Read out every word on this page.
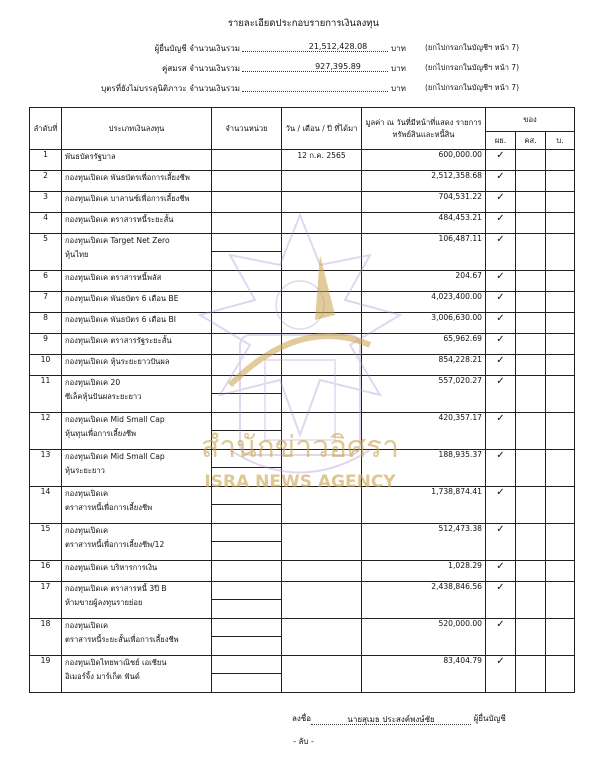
รายละเอียดประกอบรายการเงินลงทุน
ผู้ยื่นบัญชี จำนวนเงินรวม	21,512,428.08	บาท	(ยกไปกรอกในบัญชีฯ หน้า 7)
คู่สมรส จำนวนเงินรวม	927,395.89	บาท	(ยกไปกรอกในบัญชีฯ หน้า 7)
บุตรที่ยังไม่บรรลุนิติภาวะ จำนวนเงินรวม	บาท	(ยกไปกรอกในบัญชีฯ หน้า 7)
ลำดับที่	ประเภทเงินลงทุน	จำนวนหน่วย	วัน / เดือน / ปี ที่ได้มา	มูลค่า ณ วันที่มีหน้าที่แสดง รายการทรัพย์สินและหนี้สิน	ของ		
					ผย.	คส.	บ.
1	พันธบัตรรัฐบาล		12 ก.ค. 2565	600,000.00	✓		
2	กองทุนเปิดเค พันธบัตรเพื่อการเลี้ยงชีพ			2,512,358.68	✓		
3	กองทุนเปิดเค บาลานซ์เพื่อการเลี้ยงชีพ			704,531.22	✓		
4	กองทุนเปิดเค ตราสารหนี้ระยะสั้น			484,453.21	✓		
5	กองทุนเปิดเค Target Net Zero
หุ้นไทย			106,487.11	✓		
6	กองทุนเปิดเค ตราสารหนี้พลัส			204.67	✓		
7	กองทุนเปิดเค พันธบัตร 6 เดือน BE			4,023,400.00	✓		
8	กองทุนเปิดเค พันธบัตร 6 เดือน BI			3,006,630.00	✓		
9	กองทุนเปิดเค ตราสารรัฐระยะสั้น			65,962.69	✓		
10	กองทุนเปิดเค หุ้นระยะยาวปันผล			854,228.21	✓		
11	กองทุนเปิดเค 20
ซีเล็คหุ้นปันผลระยะยาว			557,020.27	✓		
12	กองทุนเปิดเค Mid Small Cap
หุ้นทุนเพื่อการเลี้ยงชีพ			420,357.17	✓		
13	กองทุนเปิดเค Mid Small Cap
หุ้นระยะยาว			188,935.37	✓		
14	กองทุนเปิดเค
ตราสารหนี้เพื่อการเลี้ยงชีพ			1,738,874.41	✓		
15	กองทุนเปิดเค
ตราสารหนี้เพื่อการเลี้ยงชีพ/12			512,473.38	✓		
16	กองทุนเปิดเค บริหารการเงิน			1,028.29	✓		
17	กองทุนเปิดเค ตราสารหนี้ 3ปี B
ห้ามขายผู้ลงทุนรายย่อย			2,438,846.56	✓		
18	กองทุนเปิดเค
ตราสารหนี้ระยะสั้นเพื่อการเลี้ยงชีพ			520,000.00	✓		
19	กองทุนเปิดไทยพาณิชย์ เอเชียน
อิเมอร์จิ้ง มาร์เก็ต ฟันด์			83,404.79	✓		
สำนักข่าวอิศรา
ISRA NEWS AGENCY
ลงชื่อ	นายสุเมธ ประสงค์พงษ์ชัย	ผู้ยื่นบัญชี
- ลับ -
